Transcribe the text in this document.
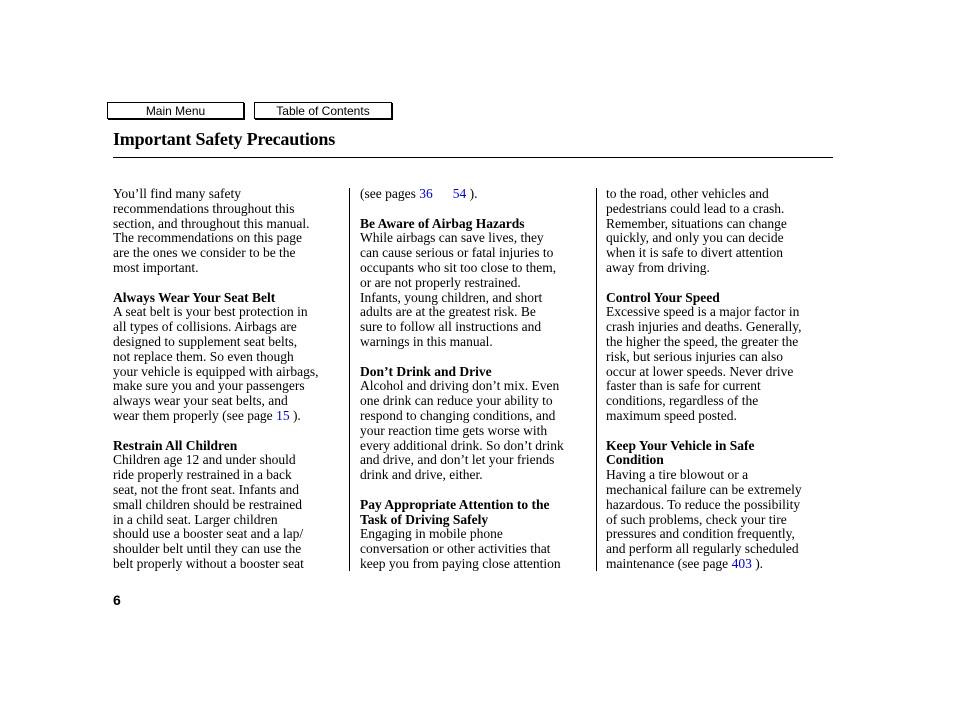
Main Menu	Table of Contents
Important Safety Precautions
You’ll find many safety
recommendations throughout this
section, and throughout this manual.
The recommendations on this page
are the ones we consider to be the
most important.
Always Wear Your Seat Belt
A seat belt is your best protection in
all types of collisions. Airbags are
designed to supplement seat belts,
not replace them. So even though
your vehicle is equipped with airbags,
make sure you and your passengers
always wear your seat belts, and
wear them properly (see page 15 ).
Restrain All Children
Children age 12 and under should
ride properly restrained in a back
seat, not the front seat. Infants and
small children should be restrained
in a child seat. Larger children
should use a booster seat and a lap/
shoulder belt until they can use the
belt properly without a booster seat
(see pages 36 54 ).
Be Aware of Airbag Hazards
While airbags can save lives, they
can cause serious or fatal injuries to
occupants who sit too close to them,
or are not properly restrained.
Infants, young children, and short
adults are at the greatest risk. Be
sure to follow all instructions and
warnings in this manual.
Don’t Drink and Drive
Alcohol and driving don’t mix. Even
one drink can reduce your ability to
respond to changing conditions, and
your reaction time gets worse with
every additional drink. So don’t drink
and drive, and don’t let your friends
drink and drive, either.
Pay Appropriate Attention to the
Task of Driving Safely
Engaging in mobile phone
conversation or other activities that
keep you from paying close attention
to the road, other vehicles and
pedestrians could lead to a crash.
Remember, situations can change
quickly, and only you can decide
when it is safe to divert attention
away from driving.
Control Your Speed
Excessive speed is a major factor in
crash injuries and deaths. Generally,
the higher the speed, the greater the
risk, but serious injuries can also
occur at lower speeds. Never drive
faster than is safe for current
conditions, regardless of the
maximum speed posted.
Keep Your Vehicle in Safe
Condition
Having a tire blowout or a
mechanical failure can be extremely
hazardous. To reduce the possibility
of such problems, check your tire
pressures and condition frequently,
and perform all regularly scheduled
maintenance (see page 403 ).
6
